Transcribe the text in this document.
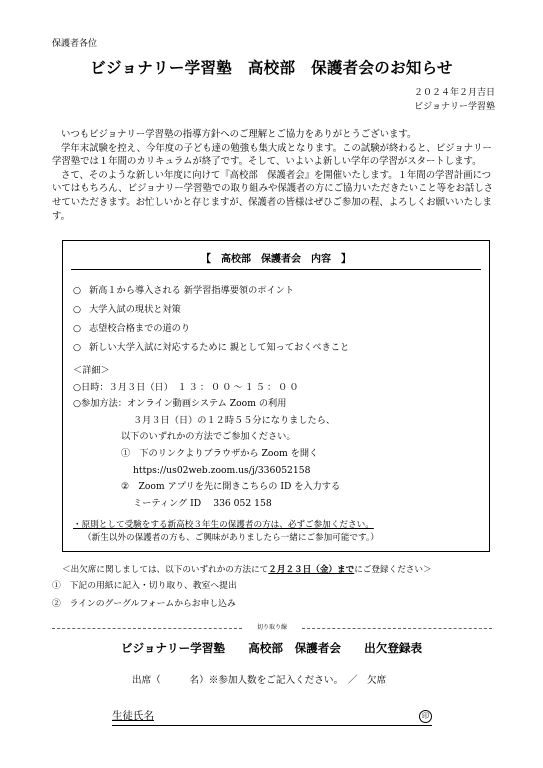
保護者各位
ビジョナリー学習塾　高校部　保護者会のお知らせ
２０２４年２月吉日
ビジョナリー学習塾

いつもビジョナリー学習塾の指導方針へのご理解とご協力をありがとうございます。

学年末試験を控え、今年度の子ども達の勉強も集大成となります。この試験が終わると、ビジョナリー学習塾では１年間のカリキュラムが終了です。そして、いよいよ新しい学年の学習がスタートします。

さて、そのような新しい年度に向けて『高校部　保護者会』を開催いたします。１年間の学習計画についてはもちろん、ビジョナリー学習塾での取り組みや保護者の方にご協力いただきたいこと等をお話しさせていただきます。お忙しいかと存じますが、保護者の皆様はぜひご参加の程、よろしくお願いいたします。

【　高校部　保護者会　内容　】
○ 新高１から導入される 新学習指導要領のポイント
○ 大学入試の現状と対策
○ 志望校合格までの道のり
○ 新しい大学入試に対応するために 親として知っておくべきこと
＜詳細＞
○日時：３月３日（日）　 １３：００～１５：００
○参加方法：オンライン動画システム Zoom の利用
３月３日（日）の１２時５５分になりましたら、
以下のいずれかの方法でご参加ください。
①　 下のリンクよりブラウザから Zoom を開く
https://us02web.zoom.us/j/336052158
②　 Zoom アプリを先に開きこちらの ID を入力する
ミーティング ID　 336 052 158
・原則として受験をする新高校３年生の保護者の方は、必ずご参加ください。
（新生以外の保護者の方も、ご興味がありましたら一緒にご参加可能です。）
＜出欠席に関しましては、以下のいずれかの方法にて２月２３日（金）までにご登録ください＞
①　下記の用紙に記入・切り取り、教室へ提出
②　ラインのグーグルフォームからお申し込み
切り取り線
ビジョナリー学習塾　　高校部　保護者会　　出欠登録表
出席（　　　名）※参加人数をご記入ください。　／　欠席
生徒氏名	印
